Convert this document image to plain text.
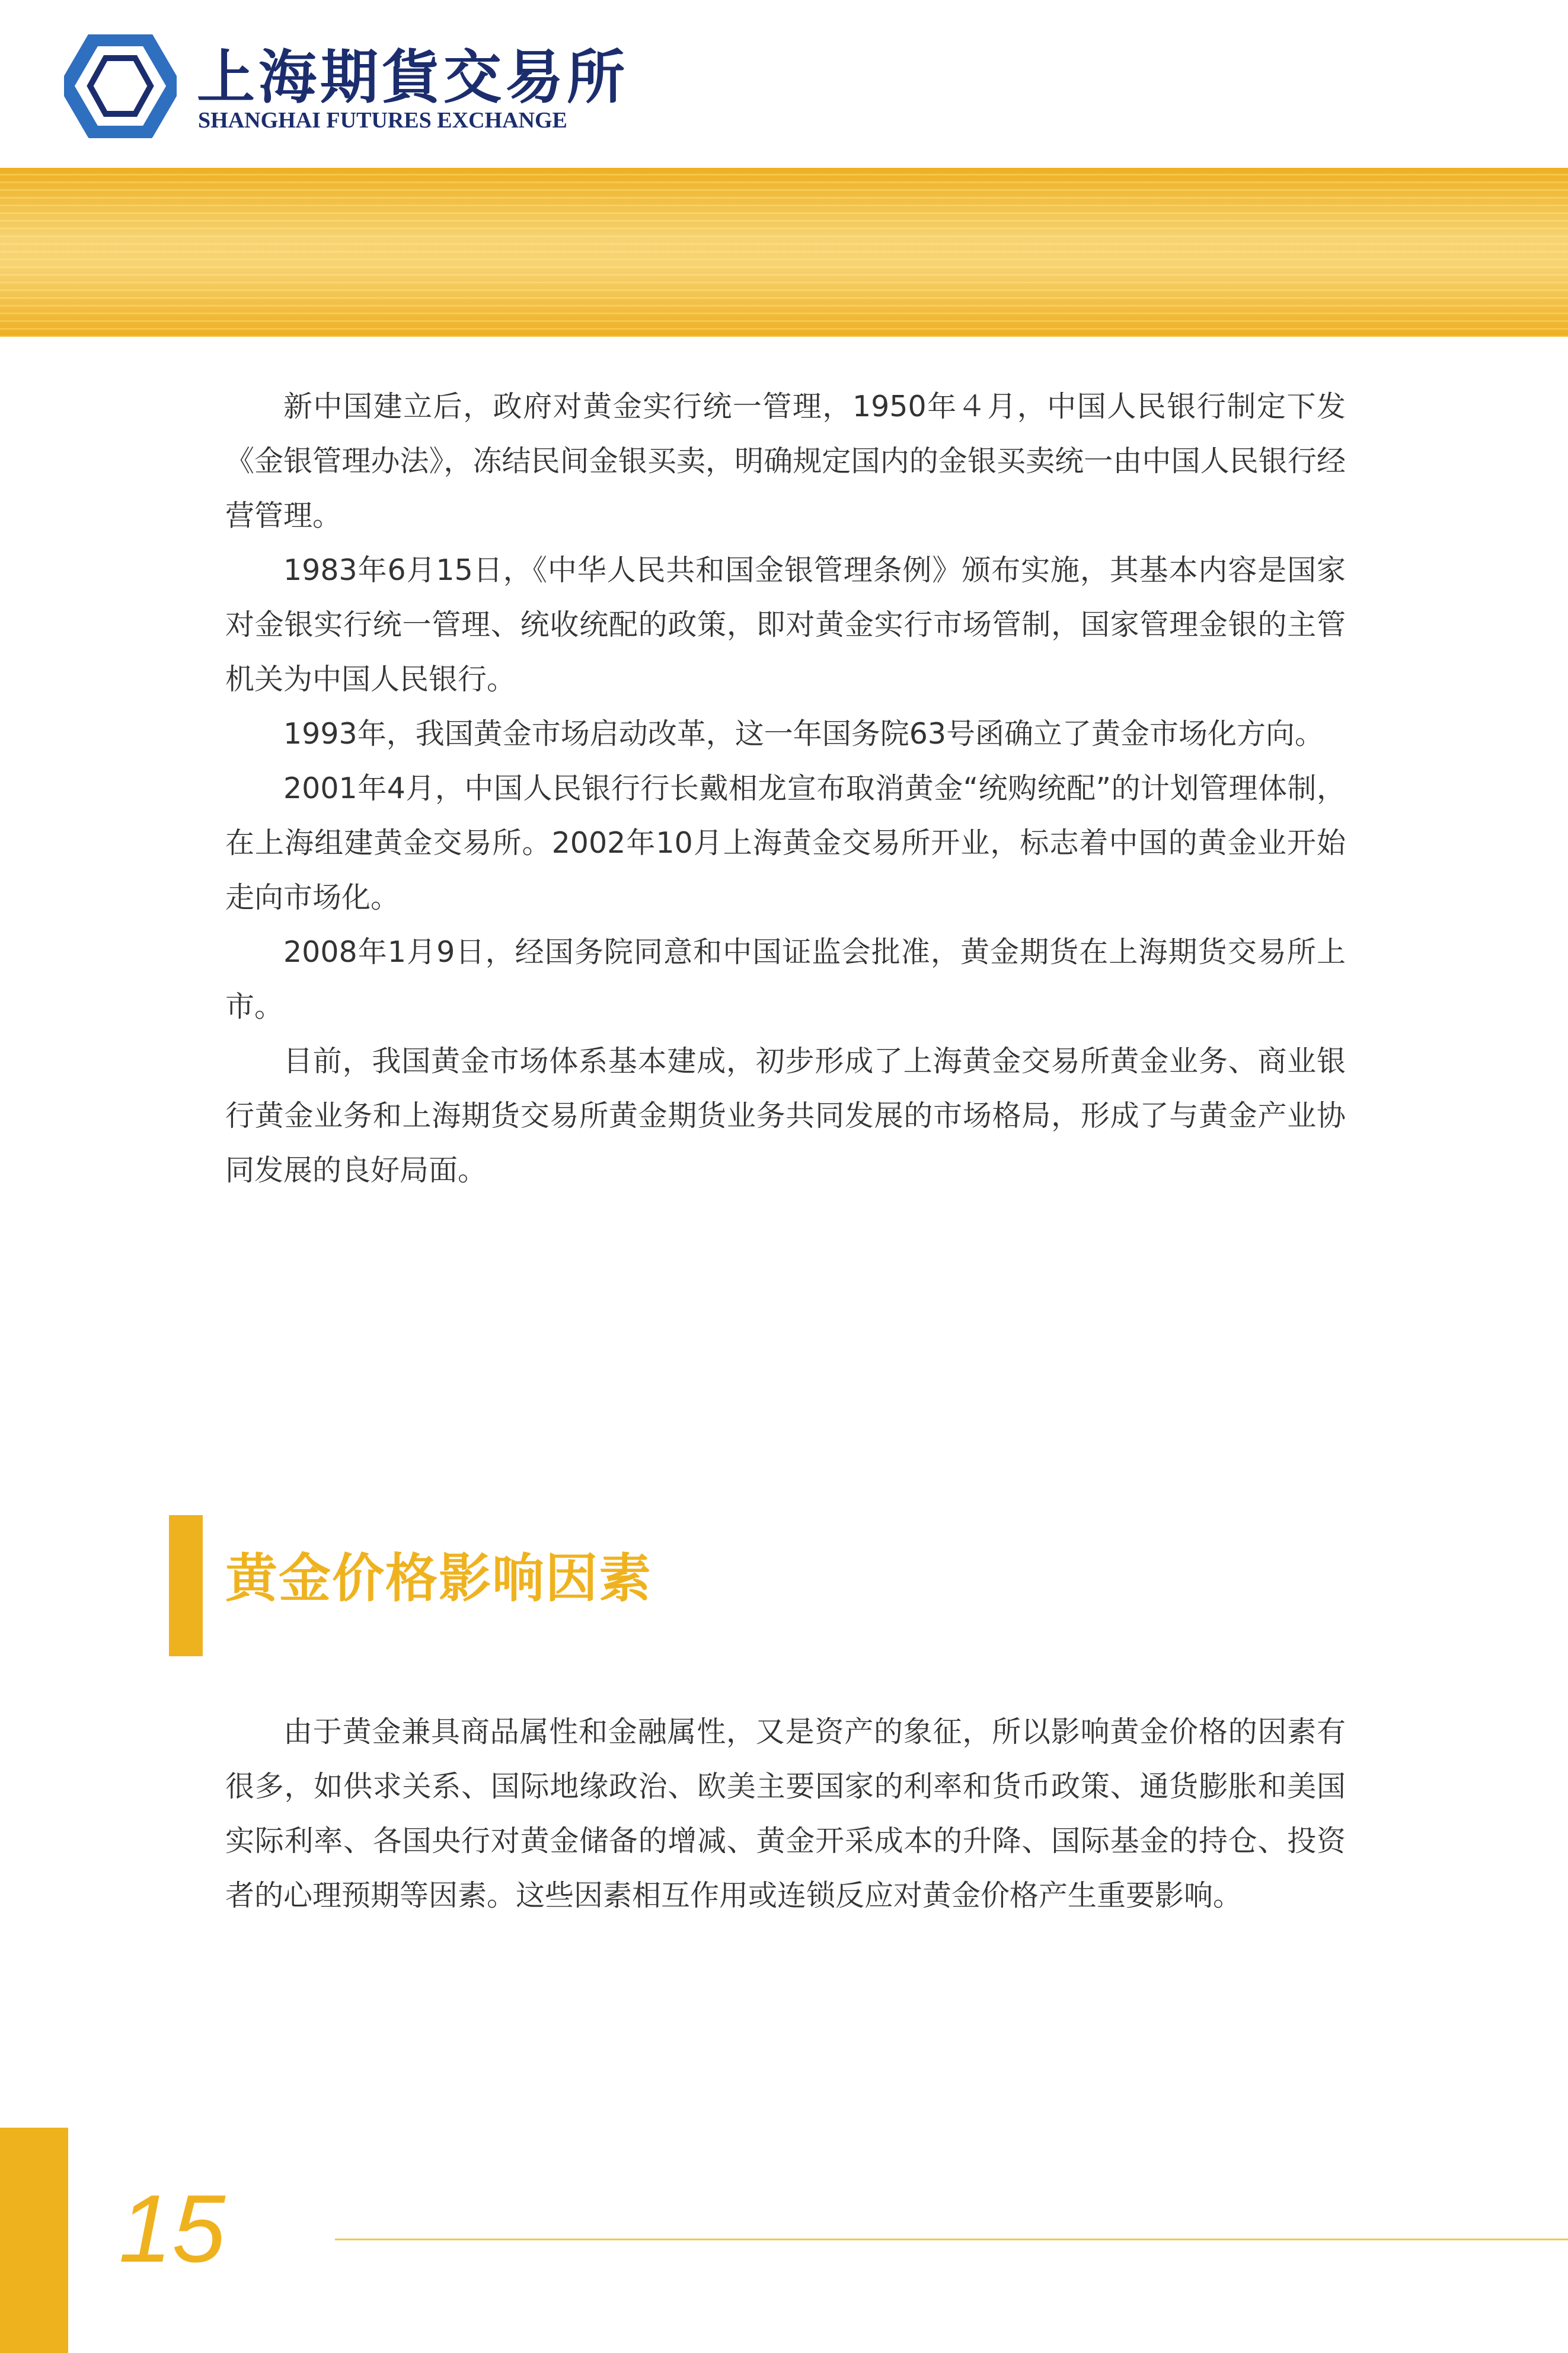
上海期貨交易所
SHANGHAI FUTURES EXCHANGE

新中国建立后，政府对黄金实行统一管理，1950年４月，中国人民银行制定下发《金银管理办法》，冻结民间金银买卖，明确规定国内的金银买卖统一由中国人民银行经营管理。

1983年6月15日，《中华人民共和国金银管理条例》颁布实施，其基本内容是国家对金银实行统一管理、统收统配的政策，即对黄金实行市场管制，国家管理金银的主管机关为中国人民银行。

1993年，我国黄金市场启动改革，这一年国务院63号函确立了黄金市场化方向。

2001年4月，中国人民银行行长戴相龙宣布取消黄金“统购统配”的计划管理体制，在上海组建黄金交易所。2002年10月上海黄金交易所开业，标志着中国的黄金业开始走向市场化。

2008年1月9日，经国务院同意和中国证监会批准，黄金期货在上海期货交易所上市。

目前，我国黄金市场体系基本建成，初步形成了上海黄金交易所黄金业务、商业银行黄金业务和上海期货交易所黄金期货业务共同发展的市场格局，形成了与黄金产业协同发展的良好局面。

黄金价格影响因素

由于黄金兼具商品属性和金融属性，又是资产的象征，所以影响黄金价格的因素有很多，如供求关系、国际地缘政治、欧美主要国家的利率和货币政策、通货膨胀和美国实际利率、各国央行对黄金储备的增减、黄金开采成本的升降、国际基金的持仓、投资者的心理预期等因素。这些因素相互作用或连锁反应对黄金价格产生重要影响。

15
